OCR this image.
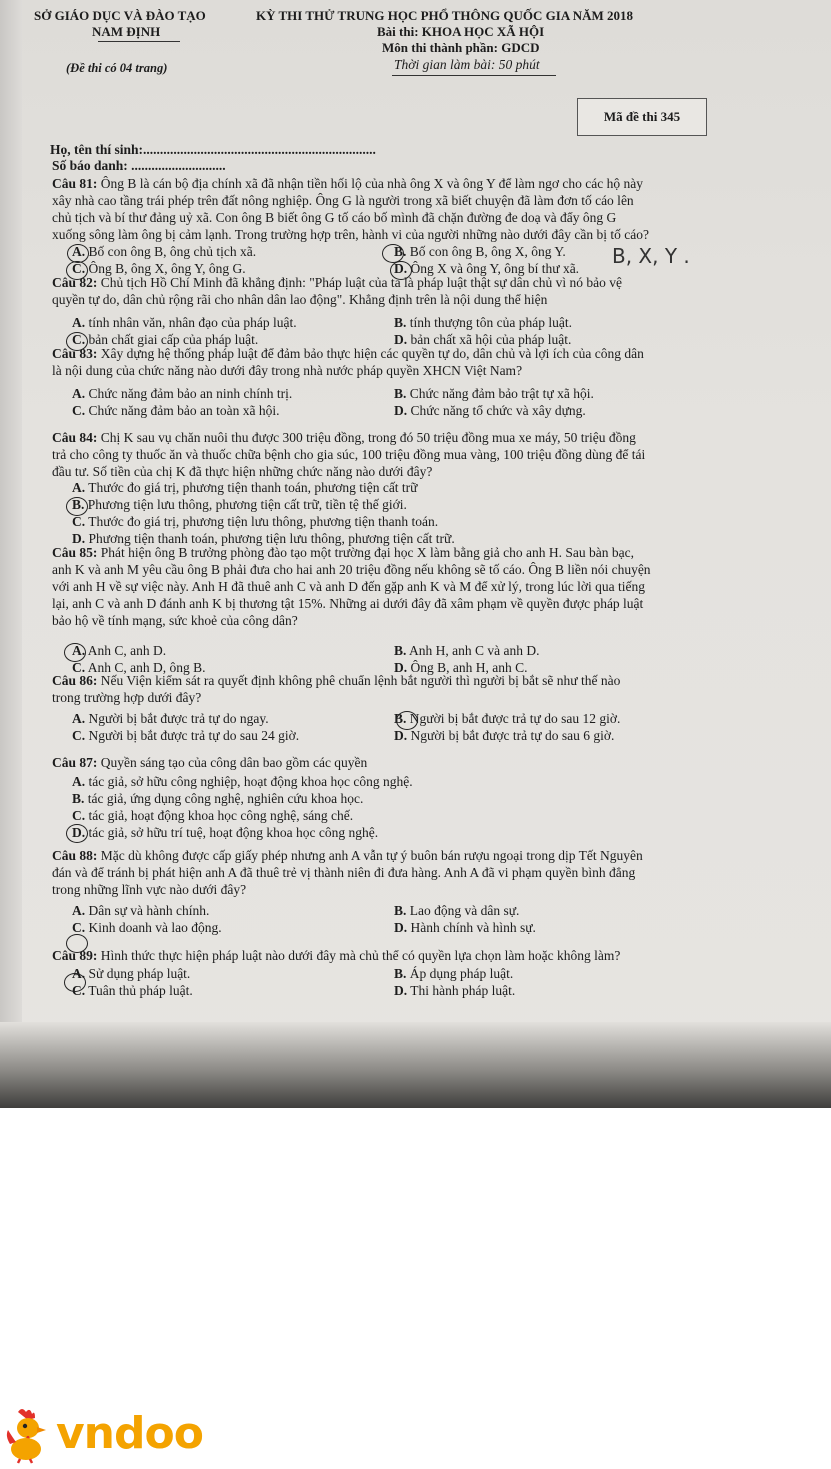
SỞ GIÁO DỤC VÀ ĐÀO TẠO
NAM ĐỊNH
(Đề thi có 04 trang)
KỲ THI THỬ TRUNG HỌC PHỔ THÔNG QUỐC GIA NĂM 2018
Bài thi: KHOA HỌC XÃ HỘI
Môn thi thành phần: GDCD
Thời gian làm bài: 50 phút
Mã đề thi 345
Họ, tên thí sinh:.....................................................................
Số báo danh: ............................
Câu 81: Ông B là cán bộ địa chính xã đã nhận tiền hối lộ của nhà ông X và ông Y để làm ngơ cho các hộ này
xây nhà cao tầng trái phép trên đất nông nghiệp. Ông G là người trong xã biết chuyện đã làm đơn tố cáo lên
chủ tịch và bí thư đảng uỷ xã. Con ông B biết ông G tố cáo bố mình đã chặn đường đe doạ và đẩy ông G
xuống sông làm ông bị cảm lạnh. Trong trường hợp trên, hành vi của người những nào dưới đây cần bị tố cáo?
A. Bố con ông B, ông chủ tịch xã.	B. Bố con ông B, ông X, ông Y.
C. Ông B, ông X, ông Y, ông G.	D. Ông X và ông Y, ông bí thư xã.
Câu 82: Chủ tịch Hồ Chí Minh đã khẳng định: "Pháp luật của ta là pháp luật thật sự dân chủ vì nó bảo vệ
quyền tự do, dân chủ rộng rãi cho nhân dân lao động". Khẳng định trên là nội dung thể hiện
A. tính nhân văn, nhân đạo của pháp luật.	B. tính thượng tôn của pháp luật.
C. bản chất giai cấp của pháp luật.	D. bản chất xã hội của pháp luật.
Câu 83: Xây dựng hệ thống pháp luật để đảm bảo thực hiện các quyền tự do, dân chủ và lợi ích của công dân
là nội dung của chức năng nào dưới đây trong nhà nước pháp quyền XHCN Việt Nam?
A. Chức năng đảm bảo an ninh chính trị.	B. Chức năng đảm bảo trật tự xã hội.
C. Chức năng đảm bảo an toàn xã hội.	D. Chức năng tổ chức và xây dựng.
Câu 84: Chị K sau vụ chăn nuôi thu được 300 triệu đồng, trong đó 50 triệu đồng mua xe máy, 50 triệu đồng
trả cho công ty thuốc ăn và thuốc chữa bệnh cho gia súc, 100 triệu đồng mua vàng, 100 triệu đồng dùng để tái
đầu tư. Số tiền của chị K đã thực hiện những chức năng nào dưới đây?
A. Thước đo giá trị, phương tiện thanh toán, phương tiện cất trữ
B. Phương tiện lưu thông, phương tiện cất trữ, tiền tệ thế giới.
C. Thước đo giá trị, phương tiện lưu thông, phương tiện thanh toán.
D. Phương tiện thanh toán, phương tiện lưu thông, phương tiện cất trữ.
Câu 85: Phát hiện ông B trưởng phòng đào tạo một trường đại học X làm bằng giả cho anh H. Sau bàn bạc,
anh K và anh M yêu cầu ông B phải đưa cho hai anh 20 triệu đồng nếu không sẽ tố cáo. Ông B liền nói chuyện
với anh H về sự việc này. Anh H đã thuê anh C và anh D đến gặp anh K và M để xử lý, trong lúc lời qua tiếng
lại, anh C và anh D đánh anh K bị thương tật 15%. Những ai dưới đây đã xâm phạm về quyền được pháp luật
bảo hộ về tính mạng, sức khoẻ của công dân?
A. Anh C, anh D.	B. Anh H, anh C và anh D.
C. Anh C, anh D, ông B.	D. Ông B, anh H, anh C.
Câu 86: Nếu Viện kiểm sát ra quyết định không phê chuẩn lệnh bắt người thì người bị bắt sẽ như thế nào
trong trường hợp dưới đây?
A. Người bị bắt được trả tự do ngay.	B. Người bị bắt được trả tự do sau 12 giờ.
C. Người bị bắt được trả tự do sau 24 giờ.	D. Người bị bắt được trả tự do sau 6 giờ.
Câu 87: Quyền sáng tạo của công dân bao gồm các quyền
A. tác giả, sở hữu công nghiệp, hoạt động khoa học công nghệ.
B. tác giả, ứng dụng công nghệ, nghiên cứu khoa học.
C. tác giả, hoạt động khoa học công nghệ, sáng chế.
D. tác giả, sở hữu trí tuệ, hoạt động khoa học công nghệ.
Câu 88: Mặc dù không được cấp giấy phép nhưng anh A vẫn tự ý buôn bán rượu ngoại trong dịp Tết Nguyên
đán và để tránh bị phát hiện anh A đã thuê trẻ vị thành niên đi đưa hàng. Anh A đã vi phạm quyền bình đẳng
trong những lĩnh vực nào dưới đây?
A. Dân sự và hành chính.	B. Lao động và dân sự.
C. Kinh doanh và lao động.	D. Hành chính và hình sự.
Câu 89: Hình thức thực hiện pháp luật nào dưới đây mà chủ thể có quyền lựa chọn làm hoặc không làm?
A. Sử dụng pháp luật.	B. Áp dụng pháp luật.
C. Tuân thủ pháp luật.	D. Thi hành pháp luật.
B, X, Y .
vndoo
